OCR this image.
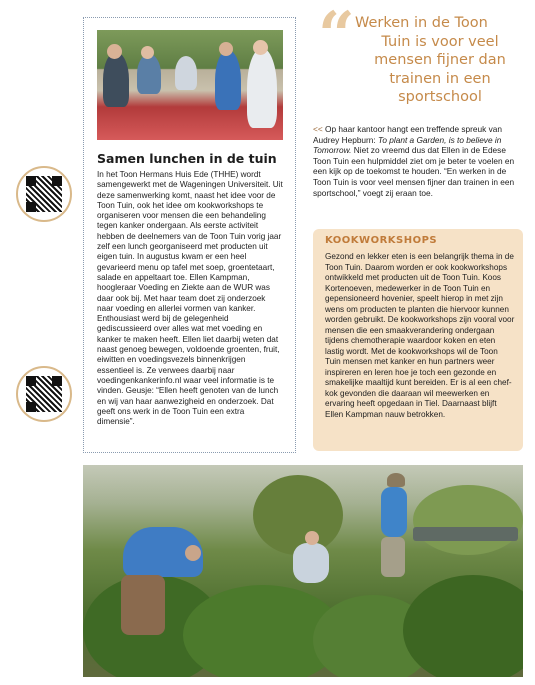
Samen lunchen in de tuin
In het Toon Hermans Huis Ede (THHE) wordt samengewerkt met de Wageningen Universiteit. Uit deze samenwerking komt, naast het idee voor de Toon Tuin, ook het idee om kookworkshops te organiseren voor mensen die een behandeling tegen kanker ondergaan. Als eerste activiteit hebben de deelnemers van de Toon Tuin vorig jaar zelf een lunch georganiseerd met producten uit eigen tuin. In augustus kwam er een heel gevarieerd menu op tafel met soep, groentetaart, salade en appeltaart toe. Ellen Kampman, hoogleraar Voeding en Ziekte aan de WUR was daar ook bij. Met haar team doet zij onderzoek naar voeding en allerlei vormen van kanker. Enthousiast werd bij de gelegenheid gediscussieerd over alles wat met voeding en kanker te maken heeft. Ellen liet daarbij weten dat naast genoeg bewegen, voldoende groenten, fruit, eiwitten en voedingsvezels binnenkrijgen essentieel is. Ze verwees daarbij naar voedingenkankerinfo.nl waar veel informatie is te vinden. Geusje: “Ellen heeft genoten van de lunch en wij van haar aanwezigheid en onderzoek. Dat geeft ons werk in de Toon Tuin een extra dimensie”.
“ Werken in de Toon
Tuin is voor veel mensen fijner dan trainen in een sportschool
<< Op haar kantoor hangt een treffende spreuk van Audrey Hepburn: To plant a Garden, is to believe in Tomorrow. Niet zo vreemd dus dat Ellen in de Edese Toon Tuin een hulpmiddel ziet om je beter te voelen en een kijk op de toekomst te houden. “En werken in de Toon Tuin is voor veel mensen fijner dan trainen in een sportschool,” voegt zij eraan toe.
KOOKWORKSHOPS
Gezond en lekker eten is een belangrijk thema in de Toon Tuin. Daarom worden er ook kookworkshops ontwikkeld met producten uit de Toon Tuin. Koos Kortenoeven, medewerker in de Toon Tuin en gepensioneerd hovenier, speelt hierop in met zijn wens om producten te planten die hiervoor kunnen worden gebruikt. De kookworkshops zijn vooral voor mensen die een smaakverandering ondergaan tijdens chemotherapie waardoor koken en eten lastig wordt. Met de kookworkshops wil de Toon Tuin mensen met kanker en hun partners weer inspireren en leren hoe je toch een gezonde en smakelijke maaltijd kunt bereiden. Er is al een chef-kok gevonden die daaraan wil meewerken en ervaring heeft opgedaan in Tiel. Daarnaast blijft Ellen Kampman nauw betrokken.
